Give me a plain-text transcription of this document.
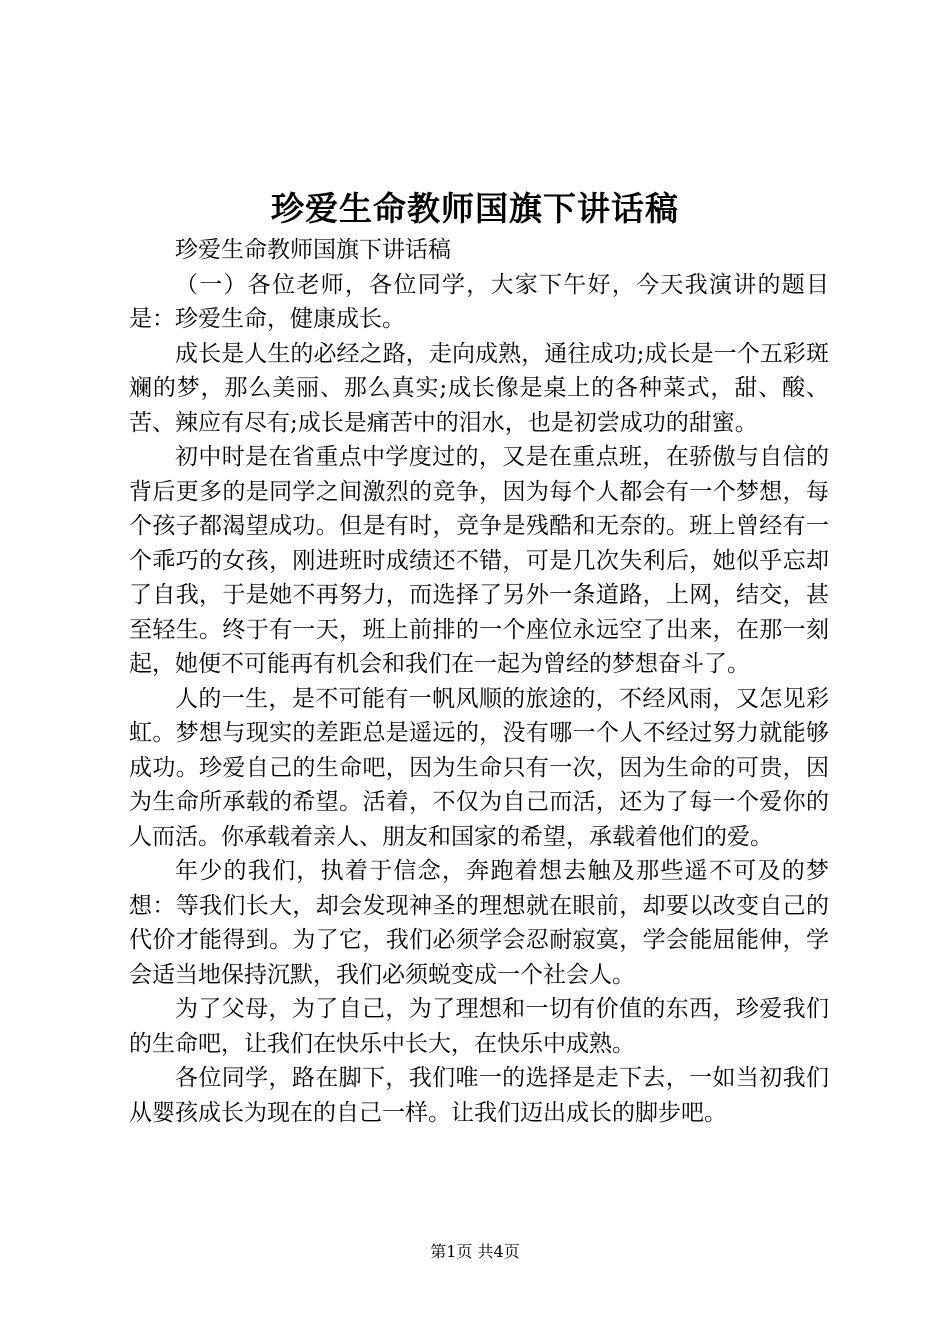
珍爱生命教师国旗下讲话稿

珍爱生命教师国旗下讲话稿

（一）各位老师，各位同学，大家下午好，今天我演讲的题目是：珍爱生命，健康成长。

成长是人生的必经之路，走向成熟，通往成功;成长是一个五彩斑斓的梦，那么美丽、那么真实;成长像是桌上的各种菜式，甜、酸、苦、辣应有尽有;成长是痛苦中的泪水，也是初尝成功的甜蜜。

初中时是在省重点中学度过的，又是在重点班，在骄傲与自信的背后更多的是同学之间激烈的竞争，因为每个人都会有一个梦想，每个孩子都渴望成功。但是有时，竞争是残酷和无奈的。班上曾经有一个乖巧的女孩，刚进班时成绩还不错，可是几次失利后，她似乎忘却了自我，于是她不再努力，而选择了另外一条道路，上网，结交，甚至轻生。终于有一天，班上前排的一个座位永远空了出来，在那一刻起，她便不可能再有机会和我们在一起为曾经的梦想奋斗了。

人的一生，是不可能有一帆风顺的旅途的，不经风雨，又怎见彩虹。梦想与现实的差距总是遥远的，没有哪一个人不经过努力就能够成功。珍爱自己的生命吧，因为生命只有一次，因为生命的可贵，因为生命所承载的希望。活着，不仅为自己而活，还为了每一个爱你的人而活。你承载着亲人、朋友和国家的希望，承载着他们的爱。

年少的我们，执着于信念，奔跑着想去触及那些遥不可及的梦想：等我们长大，却会发现神圣的理想就在眼前，却要以改变自己的代价才能得到。为了它，我们必须学会忍耐寂寞，学会能屈能伸，学会适当地保持沉默，我们必须蜕变成一个社会人。

为了父母，为了自己，为了理想和一切有价值的东西，珍爱我们的生命吧，让我们在快乐中长大，在快乐中成熟。

各位同学，路在脚下，我们唯一的选择是走下去，一如当初我们从婴孩成长为现在的自己一样。让我们迈出成长的脚步吧。

第1页 共4页
